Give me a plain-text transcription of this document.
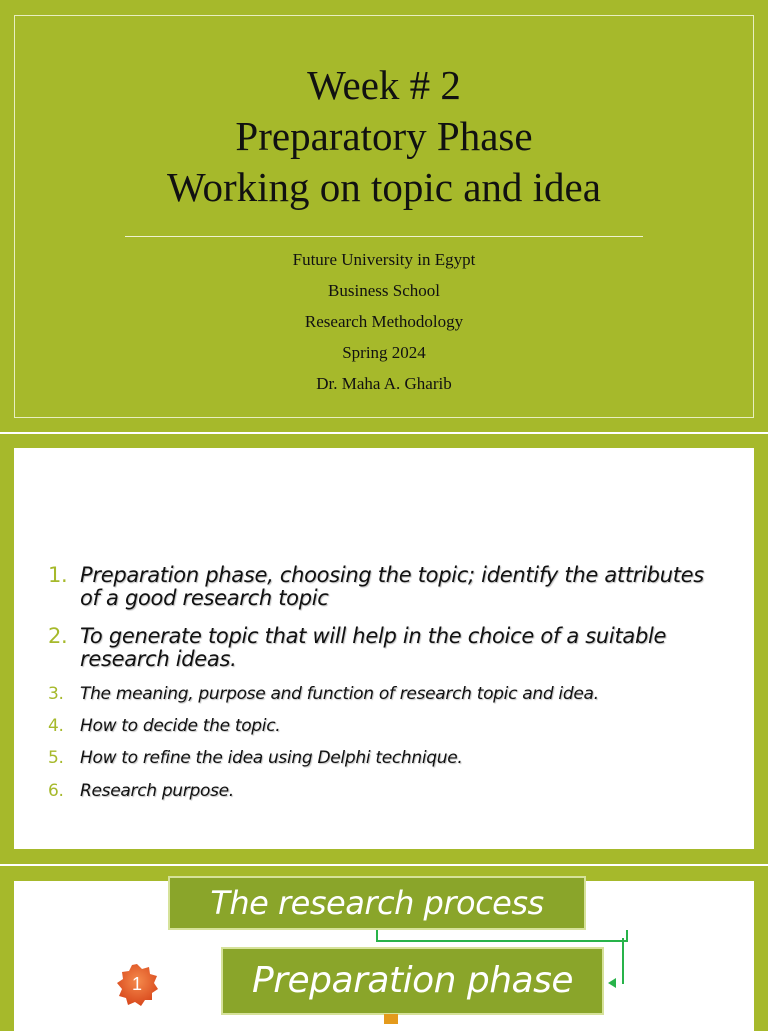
Week # 2
Preparatory Phase
Working on topic and idea
Future University in Egypt
Business School
Research Methodology
Spring 2024
Dr. Maha A. Gharib
1. Preparation phase, choosing the topic; identify the attributes of a good research topic
2. To generate topic that will help in the choice of a suitable research ideas.
3. The meaning, purpose and function of research topic and idea.
4. How to decide the topic.
5. How to refine the idea using Delphi technique.
6. Research purpose.
The research process
Preparation phase
1
